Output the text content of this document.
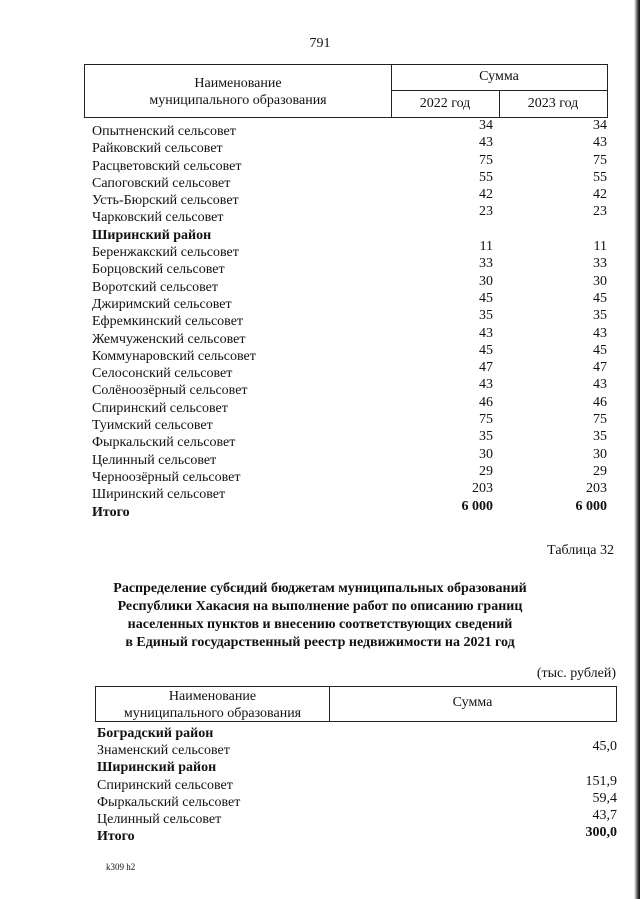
791
Наименование
муниципального образования
Сумма
2022 год	2023 год
Опытненский сельсовет	34	34
Райковский сельсовет	43	43
Расцветовский сельсовет	75	75
Сапоговский сельсовет	55	55
Усть-Бюрский сельсовет	42	42
Чарковский сельсовет	23	23
Ширинский район
Беренжакский сельсовет	11	11
Борцовский сельсовет	33	33
Воротский сельсовет	30	30
Джиримский сельсовет	45	45
Ефремкинский сельсовет	35	35
Жемчуженский сельсовет	43	43
Коммунаровский сельсовет	45	45
Селосонский сельсовет	47	47
Солёноозёрный сельсовет	43	43
Спиринский сельсовет	46	46
Туимский сельсовет	75	75
Фыркальский сельсовет	35	35
Целинный сельсовет	30	30
Черноозёрный сельсовет	29	29
Ширинский сельсовет	203	203
Итого	6 000	6 000
Таблица 32
Распределение субсидий бюджетам муниципальных образований
Республики Хакасия на выполнение работ по описанию границ
населенных пунктов и внесению соответствующих сведений
в Единый государственный реестр недвижимости на 2021 год
(тыс. рублей)
Наименование
муниципального образования
Сумма
Боградский район
Знаменский сельсовет	45,0
Ширинский район
Спиринский сельсовет	151,9
Фыркальский сельсовет	59,4
Целинный сельсовет	43,7
Итого	300,0
k309 h2
